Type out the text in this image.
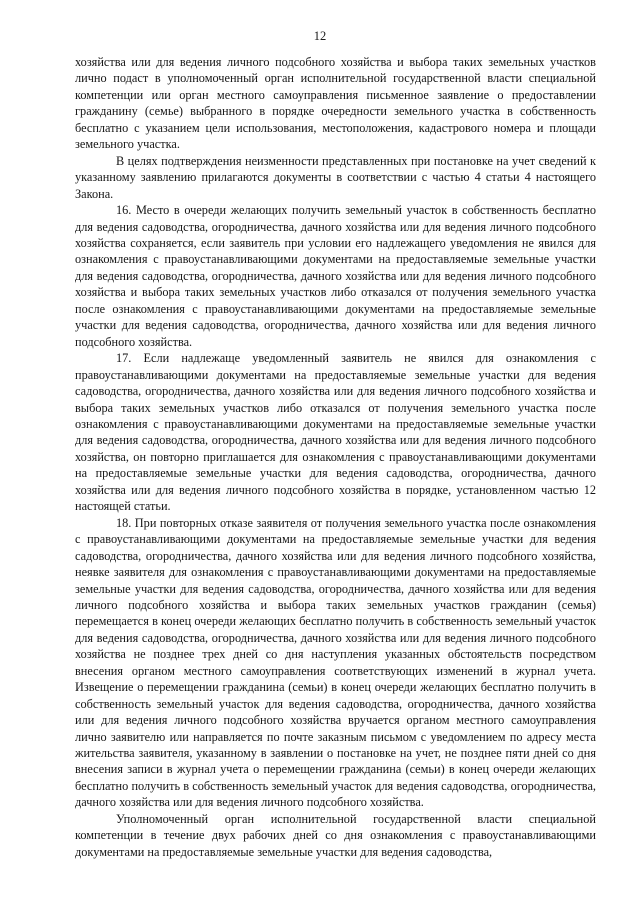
12

хозяйства или для ведения личного подсобного хозяйства и выбора таких земельных участков лично подаст в уполномоченный орган исполнительной государственной власти специальной компетенции или орган местного самоуправления письменное заявление о предоставлении гражданину (семье) выбранного в порядке очередности земельного участка в собственность бесплатно с указанием цели использования, местоположения, кадастрового номера и площади земельного участка.

В целях подтверждения неизменности представленных при постановке на учет сведений к указанному заявлению прилагаются документы в соответствии с частью 4 статьи 4 настоящего Закона.

16. Место в очереди желающих получить земельный участок в собственность бесплатно для ведения садоводства, огородничества, дачного хозяйства или для ведения личного подсобного хозяйства сохраняется, если заявитель при условии его надлежащего уведомления не явился для ознакомления с правоустанавливающими документами на предоставляемые земельные участки для ведения садоводства, огородничества, дачного хозяйства или для ведения личного подсобного хозяйства и выбора таких земельных участков либо отказался от получения земельного участка после ознакомления с правоустанавливающими документами на предоставляемые земельные участки для ведения садоводства, огородничества, дачного хозяйства или для ведения личного подсобного хозяйства.

17. Если надлежаще уведомленный заявитель не явился для ознакомления с правоустанавливающими документами на предоставляемые земельные участки для ведения садоводства, огородничества, дачного хозяйства или для ведения личного подсобного хозяйства и выбора таких земельных участков либо отказался от получения земельного участка после ознакомления с правоустанавливающими документами на предоставляемые земельные участки для ведения садоводства, огородничества, дачного хозяйства или для ведения личного подсобного хозяйства, он повторно приглашается для ознакомления с правоустанавливающими документами на предоставляемые земельные участки для ведения садоводства, огородничества, дачного хозяйства или для ведения личного подсобного хозяйства в порядке, установленном частью 12 настоящей статьи.

18. При повторных отказе заявителя от получения земельного участка после ознакомления с правоустанавливающими документами на предоставляемые земельные участки для ведения садоводства, огородничества, дачного хозяйства или для ведения личного подсобного хозяйства, неявке заявителя для ознакомления с правоустанавливающими документами на предоставляемые земельные участки для ведения садоводства, огородничества, дачного хозяйства или для ведения личного подсобного хозяйства и выбора таких земельных участков гражданин (семья) перемещается в конец очереди желающих бесплатно получить в собственность земельный участок для ведения садоводства, огородничества, дачного хозяйства или для ведения личного подсобного хозяйства не позднее трех дней со дня наступления указанных обстоятельств посредством внесения органом местного самоуправления соответствующих изменений в журнал учета. Извещение о перемещении гражданина (семьи) в конец очереди желающих бесплатно получить в собственность земельный участок для ведения садоводства, огородничества, дачного хозяйства или для ведения личного подсобного хозяйства вручается органом местного самоуправления лично заявителю или направляется по почте заказным письмом с уведомлением по адресу места жительства заявителя, указанному в заявлении о постановке на учет, не позднее пяти дней со дня внесения записи в журнал учета о перемещении гражданина (семьи) в конец очереди желающих бесплатно получить в собственность земельный участок для ведения садоводства, огородничества, дачного хозяйства или для ведения личного подсобного хозяйства.

Уполномоченный орган исполнительной государственной власти специальной компетенции в течение двух рабочих дней со дня ознакомления с правоустанавливающими документами на предоставляемые земельные участки для ведения садоводства,
